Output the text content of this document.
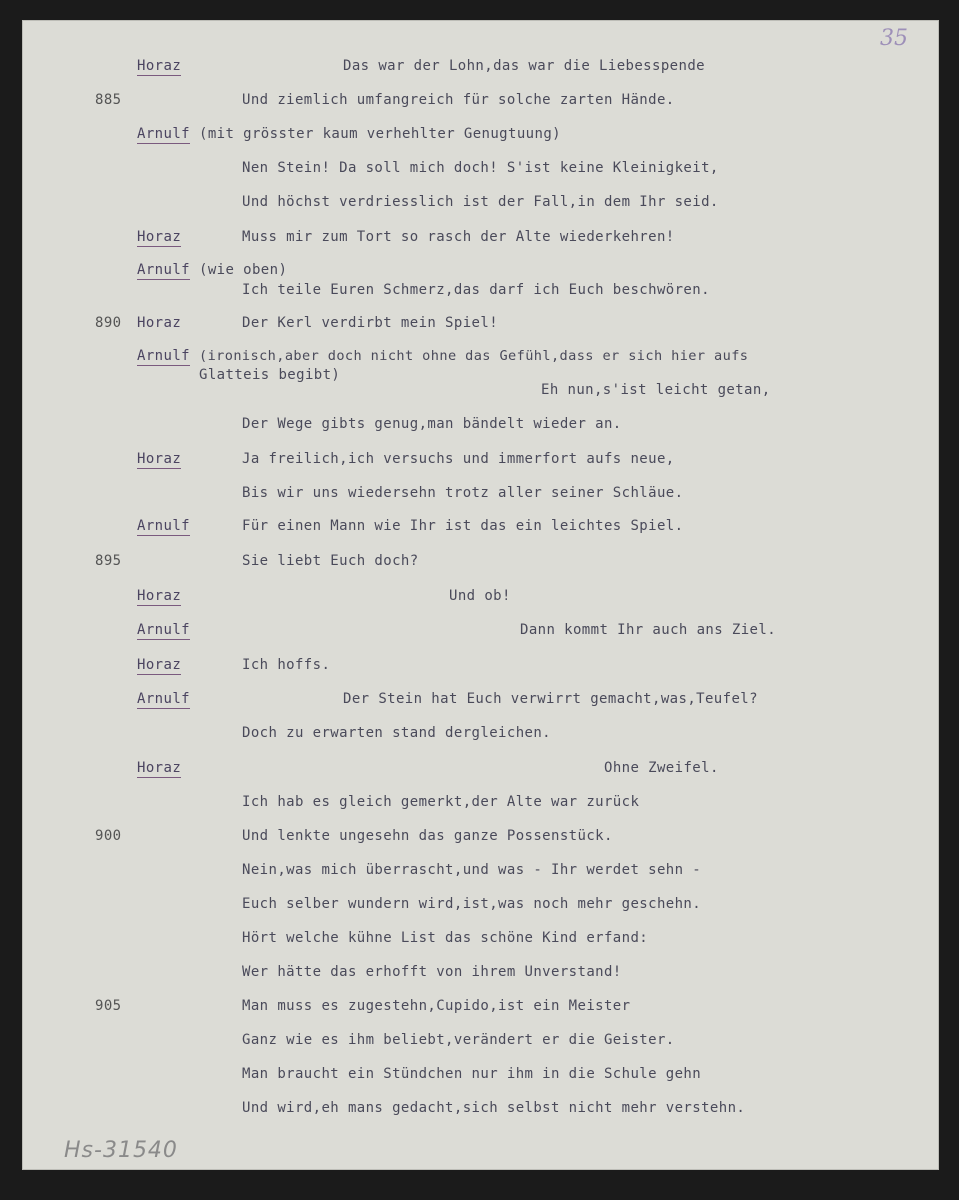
35
Horaz	Das war der Lohn,das war die Liebesspende
885	Und ziemlich umfangreich für solche zarten Hände.
Arnulf (mit grösster kaum verhehlter Genugtuung)
Nen Stein! Da soll mich doch! S'ist keine Kleinigkeit,
Und höchst verdriesslich ist der Fall,in dem Ihr seid.
Horaz	Muss mir zum Tort so rasch der Alte wiederkehren!
Arnulf (wie oben)
Ich teile Euren Schmerz,das darf ich Euch beschwören.
890 Horaz	Der Kerl verdirbt mein Spiel!
Arnulf (ironisch,aber doch nicht ohne das Gefühl,dass er sich hier aufs
Glatteis begibt)
Eh nun,s'ist leicht getan,
Der Wege gibts genug,man bändelt wieder an.
Horaz	Ja freilich,ich versuchs und immerfort aufs neue,
Bis wir uns wiedersehn trotz aller seiner Schläue.
Arnulf	Für einen Mann wie Ihr ist das ein leichtes Spiel.
895	Sie liebt Euch doch?
Horaz	Und ob!
Arnulf	Dann kommt Ihr auch ans Ziel.
Horaz	Ich hoffs.
Arnulf	Der Stein hat Euch verwirrt gemacht,was,Teufel?
Doch zu erwarten stand dergleichen.
Horaz	Ohne Zweifel.
Ich hab es gleich gemerkt,der Alte war zurück
900	Und lenkte ungesehn das ganze Possenstück.
Nein,was mich überrascht,und was - Ihr werdet sehn -
Euch selber wundern wird,ist,was noch mehr geschehn.
Hört welche kühne List das schöne Kind erfand:
Wer hätte das erhofft von ihrem Unverstand!
905	Man muss es zugestehn,Cupido,ist ein Meister
Ganz wie es ihm beliebt,verändert er die Geister.
Man braucht ein Stündchen nur ihm in die Schule gehn
Und wird,eh mans gedacht,sich selbst nicht mehr verstehn.
Hs-31540
